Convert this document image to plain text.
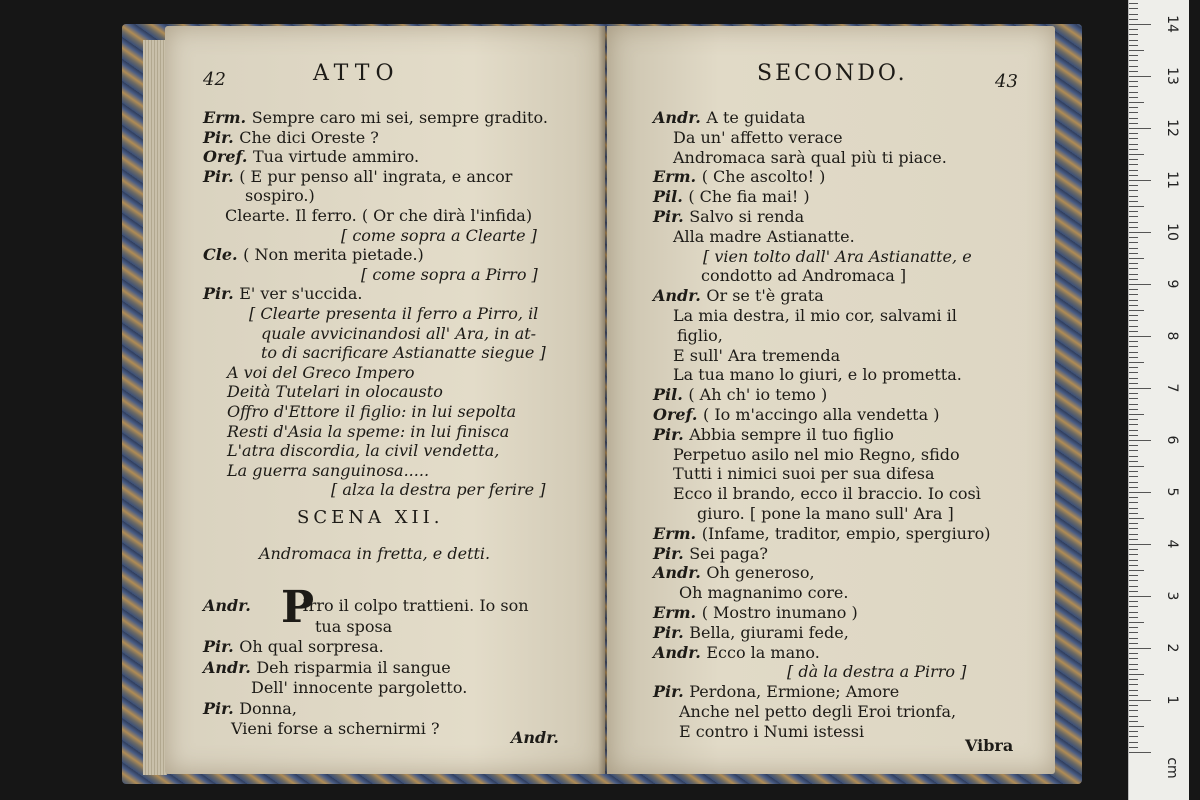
42	ATTO
Erm. Sempre caro mi sei, sempre gradito.
Pir. Che dici Oreste ?
Oref. Tua virtude ammiro.
Pir. ( E pur penso all' ingrata, e ancor
sospiro.)
Clearte. Il ferro. ( Or che dirà l'infida)
[ come sopra a Clearte ]
Cle. ( Non merita pietade.)
[ come sopra a Pirro ]
Pir. E' ver s'uccida.
[ Clearte presenta il ferro a Pirro, il
quale avvicinandosi all' Ara, in at-
to di sacrificare Astianatte siegue ]
A voi del Greco Impero
Deità Tutelari in olocausto
Offro d'Ettore il figlio: in lui sepolta
Resti d'Asia la speme: in lui finisca
L'atra discordia, la civil vendetta,
La guerra sanguinosa.....
[ alza la destra per ferire ]
SCENA XII.
Andromaca in fretta, e detti.
P
Andr.	Irro il colpo trattieni. Io son
tua sposa
Pir. Oh qual sorpresa.
Andr. Deh risparmia il sangue
Dell' innocente pargoletto.
Pir. Donna,
Vieni forse a schernirmi ?	Andr.
SECONDO.	43
Andr. A te guidata
Da un' affetto verace
Andromaca sarà qual più ti piace.
Erm. ( Che ascolto! )
Pil. ( Che fia mai! )
Pir. Salvo si renda
Alla madre Astianatte.
[ vien tolto dall' Ara Astianatte, e
condotto ad Andromaca ]
Andr. Or se t'è grata
La mia destra, il mio cor, salvami il
figlio,
E sull' Ara tremenda
La tua mano lo giuri, e lo prometta.
Pil. ( Ah ch' io temo )
Oref. ( Io m'accingo alla vendetta )
Pir. Abbia sempre il tuo figlio
Perpetuo asilo nel mio Regno, sfido
Tutti i nimici suoi per sua difesa
Ecco il brando, ecco il braccio. Io così
giuro. [ pone la mano sull' Ara ]
Erm. (Infame, traditor, empio, spergiuro)
Pir. Sei paga?
Andr. Oh generoso,
Oh magnanimo core.
Erm. ( Mostro inumano )
Pir. Bella, giurami fede,
Andr. Ecco la mano.
[ dà la destra a Pirro ]
Pir. Perdona, Ermione; Amore
Anche nel petto degli Eroi trionfa,
E contro i Numi istessi
Vibra
cm
1
2
3
4
5
6
7
8
9
10
11
12
13
14
